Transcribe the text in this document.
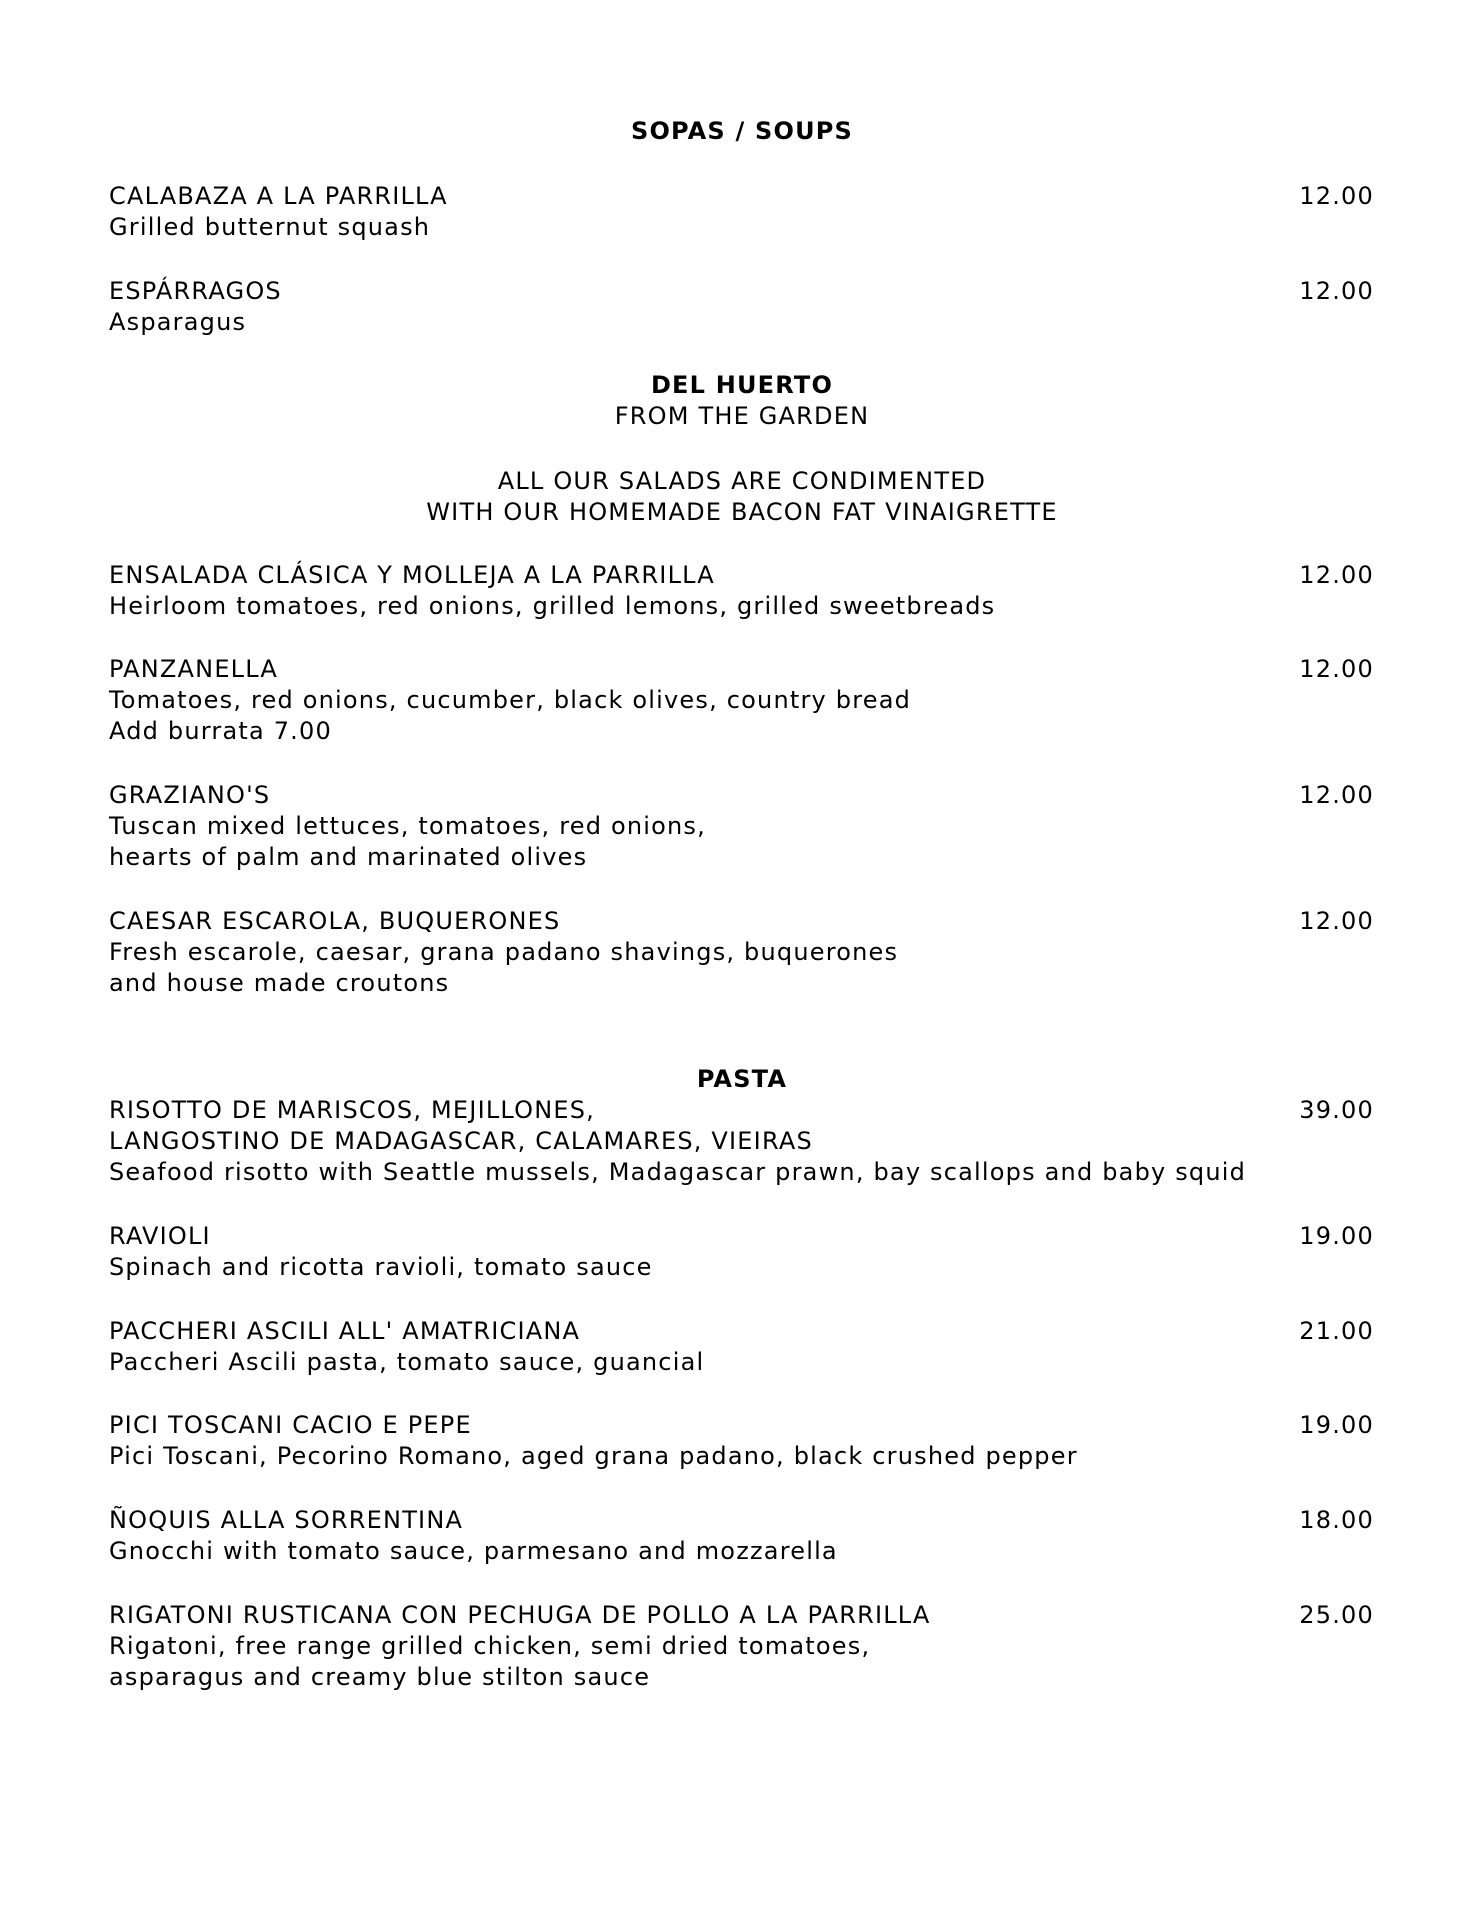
SOPAS / SOUPS
CALABAZA A LA PARRILLA	12.00
Grilled butternut squash
ESPÁRRAGOS	12.00
Asparagus
DEL HUERTO
FROM THE GARDEN
ALL OUR SALADS ARE CONDIMENTED
WITH OUR HOMEMADE BACON FAT VINAIGRETTE
ENSALADA CLÁSICA Y MOLLEJA A LA PARRILLA	12.00
Heirloom tomatoes, red onions, grilled lemons, grilled sweetbreads
PANZANELLA	12.00
Tomatoes, red onions, cucumber, black olives, country bread
Add burrata 7.00
GRAZIANO'S	12.00
Tuscan mixed lettuces, tomatoes, red onions,
hearts of palm and marinated olives
CAESAR ESCAROLA, BUQUERONES	12.00
Fresh escarole, caesar, grana padano shavings, buquerones
and house made croutons
PASTA
RISOTTO DE MARISCOS, MEJILLONES,	39.00
LANGOSTINO DE MADAGASCAR, CALAMARES, VIEIRAS
Seafood risotto with Seattle mussels, Madagascar prawn, bay scallops and baby squid
RAVIOLI	19.00
Spinach and ricotta ravioli, tomato sauce
PACCHERI ASCILI ALL' AMATRICIANA	21.00
Paccheri Ascili pasta, tomato sauce, guancial
PICI TOSCANI CACIO E PEPE	19.00
Pici Toscani, Pecorino Romano, aged grana padano, black crushed pepper
ÑOQUIS ALLA SORRENTINA	18.00
Gnocchi with tomato sauce, parmesano and mozzarella
RIGATONI RUSTICANA CON PECHUGA DE POLLO A LA PARRILLA	25.00
Rigatoni, free range grilled chicken, semi dried tomatoes,
asparagus and creamy blue stilton sauce
